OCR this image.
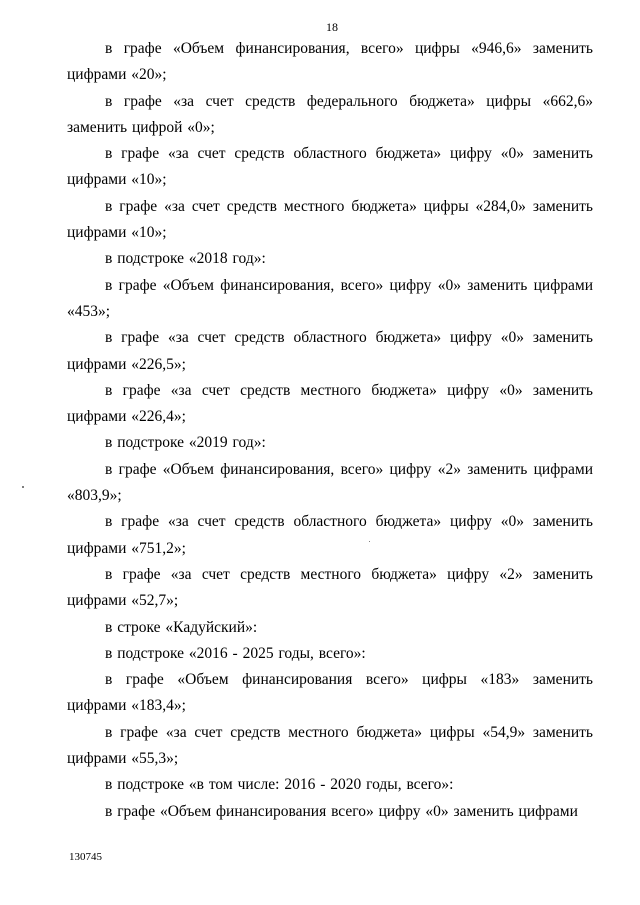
18

в графе «Объем финансирования, всего» цифры «946,6» заменить цифрами «20»;

в графе «за счет средств федерального бюджета» цифры «662,6» заменить цифрой «0»;

в графе «за счет средств областного бюджета» цифру «0» заменить цифрами «10»;

в графе «за счет средств местного бюджета» цифры «284,0» заменить цифрами «10»;

в подстроке «2018 год»:

в графе «Объем финансирования, всего» цифру «0» заменить цифрами «453»;

в графе «за счет средств областного бюджета» цифру «0» заменить цифрами «226,5»;

в графе «за счет средств местного бюджета» цифру «0» заменить цифрами «226,4»;

в подстроке «2019 год»:

в графе «Объем финансирования, всего» цифру «2» заменить цифрами «803,9»;

в графе «за счет средств областного бюджета» цифру «0» заменить цифрами «751,2»;

в графе «за счет средств местного бюджета» цифру «2» заменить цифрами «52,7»;

в строке «Кадуйский»:

в подстроке «2016 - 2025 годы, всего»:

в графе «Объем финансирования всего» цифры «183» заменить цифрами «183,4»;

в графе «за счет средств местного бюджета» цифры «54,9» заменить цифрами «55,3»;

в подстроке «в том числе: 2016 - 2020 годы, всего»:

в графе «Объем финансирования всего» цифру «0» заменить цифрами

130745
